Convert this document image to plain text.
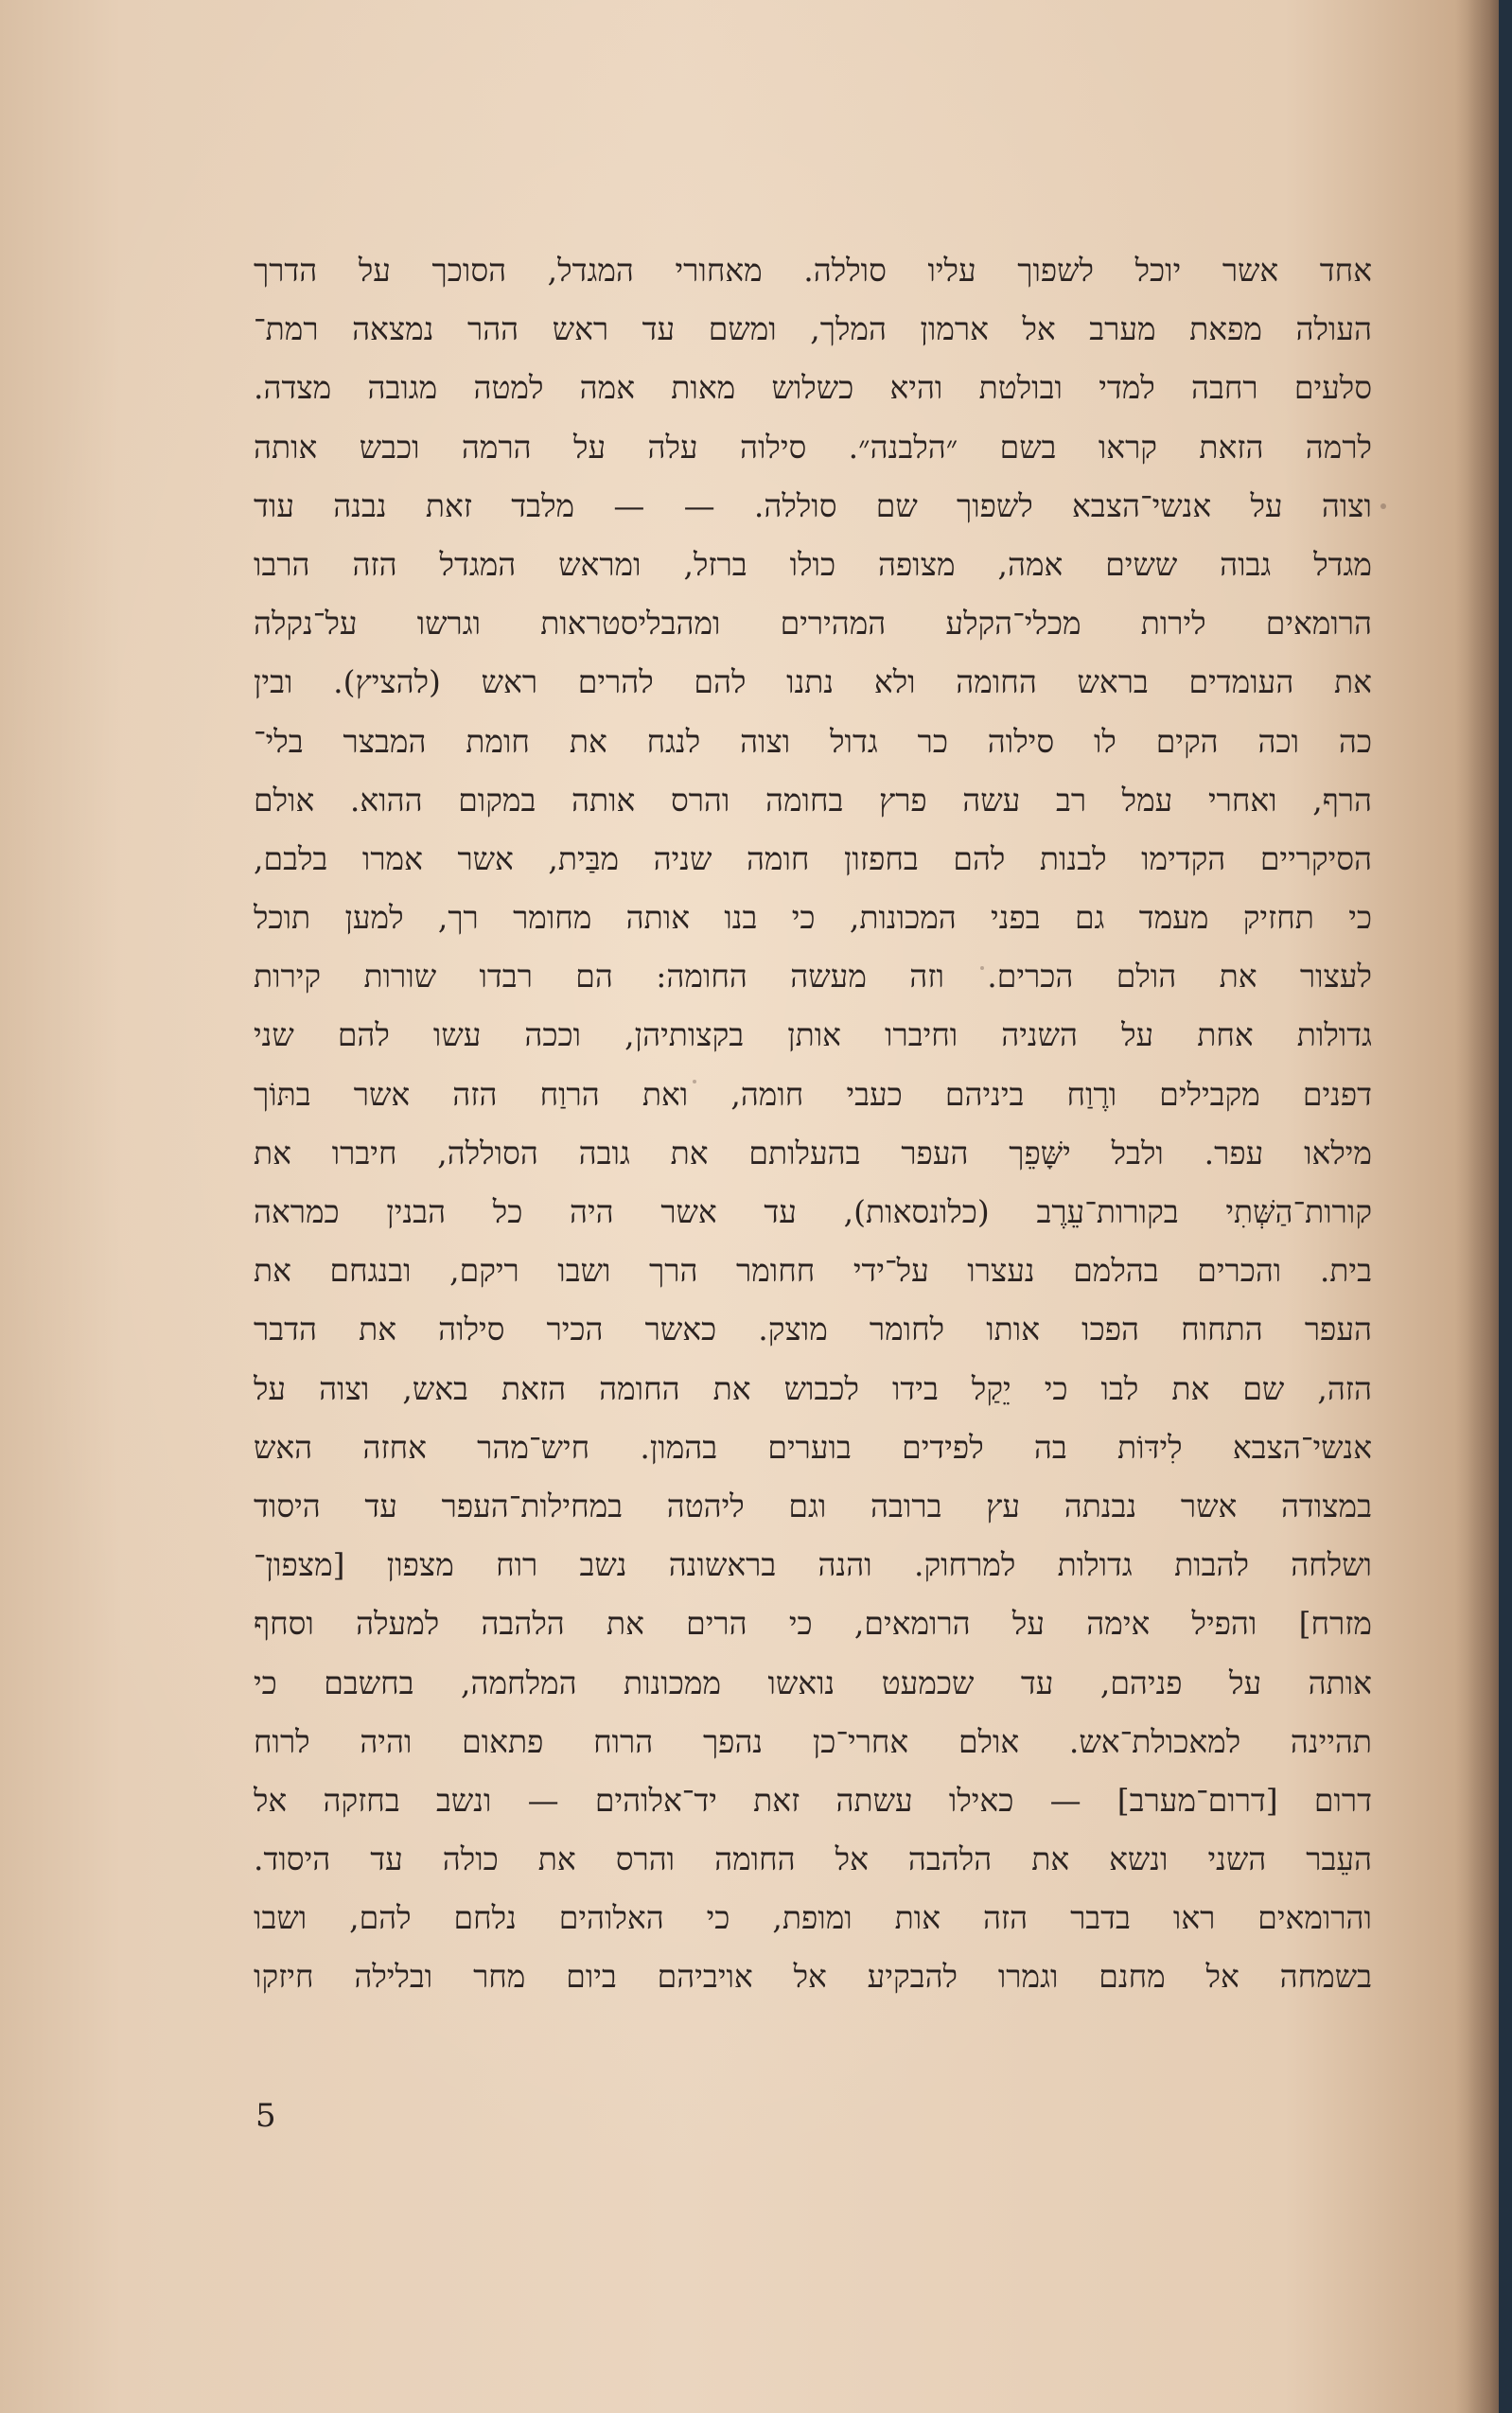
אחד אשר יוכל לשפוך עליו סוללה. מאחורי המגדל, הסוכך על הדרך
העולה מפאת מערב אל ארמון המלך, ומשם עד ראש ההר נמצאה רמת־
סלעים רחבה למדי ובולטת והיא כשלוש מאות אמה למטה מגובה מצדה.
לרמה הזאת קראו בשם ״הלבנה״. סילוה עלה על הרמה וכבש אותה
וצוה על אנשי־הצבא לשפוך שם סוללה. — — מלבד זאת נבנה עוד
מגדל גבוה ששים אמה, מצופה כולו ברזל, ומראש המגדל הזה הרבו
הרומאים לירות מכלי־הקלע המהירים ומהבליסטראות וגרשו על־נקלה
את העומדים בראש החומה ולא נתנו להם להרים ראש (להציץ). ובין
כה וכה הקים לו סילוה כר גדול וצוה לנגח את חומת המבצר בלי־
הרף, ואחרי עמל רב עשה פרץ בחומה והרס אותה במקום ההוא. אולם
הסיקריים הקדימו לבנות להם בחפזון חומה שניה מבַּית, אשר אמרו בלבם,
כי תחזיק מעמד גם בפני המכונות, כי בנו אותה מחומר רך, למען תוכל
לעצור את הולם הכרים. וזה מעשה החומה: הם רבדו שורות קירות
גדולות אחת על השניה וחיברו אותן בקצותיהן, וככה עשו להם שני
דפנים מקבילים ורֶוַח ביניהם כעבי חומה, ואת הרוַח הזה אשר בתּוֹך
מילאו עפר. ולבל ישָּׁפֵך העפר בהעלותם את גובה הסוללה, חיברו את
קורות־הַשְּׁתִי בקורות־עֵרֶב (כלונסאות), עד אשר היה כל הבנין כמראה
בית. והכרים בהלמם נעצרו על־ידי חחומר הרך ושבו ריקם, ובנגחם את
העפר התחוח הפכו אותו לחומר מוצק. כאשר הכיר סילוה את הדבר
הזה, שם את לבו כי יֵקַל בידו לכבוש את החומה הזאת באש, וצוה על
אנשי־הצבא לִידּוֹת בה לפידים בוערים בהמון. חיש־מהר אחזה האש
במצודה אשר נבנתה עץ ברובה וגם ליהטה במחילות־העפר עד היסוד
ושלחה להבות גדולות למרחוק. והנה בראשונה נשב רוח מצפון [מצפון־
מזרח] והפיל אימה על הרומאים, כי הרים את הלהבה למעלה וסחף
אותה על פניהם, עד שכמעט נואשו ממכונות המלחמה, בחשבם כי
תהיינה למאכולת־אש. אולם אחרי־כן נהפך הרוח פתאום והיה לרוח
דרום [דרום־מערב] — כאילו עשתה זאת יד־אלוהים — ונשב בחזקה אל
העֵבר השני ונשא את הלהבה אל החומה והרס את כולה עד היסוד.
והרומאים ראו בדבר הזה אות ומופת, כי האלוהים נלחם להם, ושבו
בשמחה אל מחנם וגמרו להבקיע אל אויביהם ביום מחר ובלילה חיזקו
5
